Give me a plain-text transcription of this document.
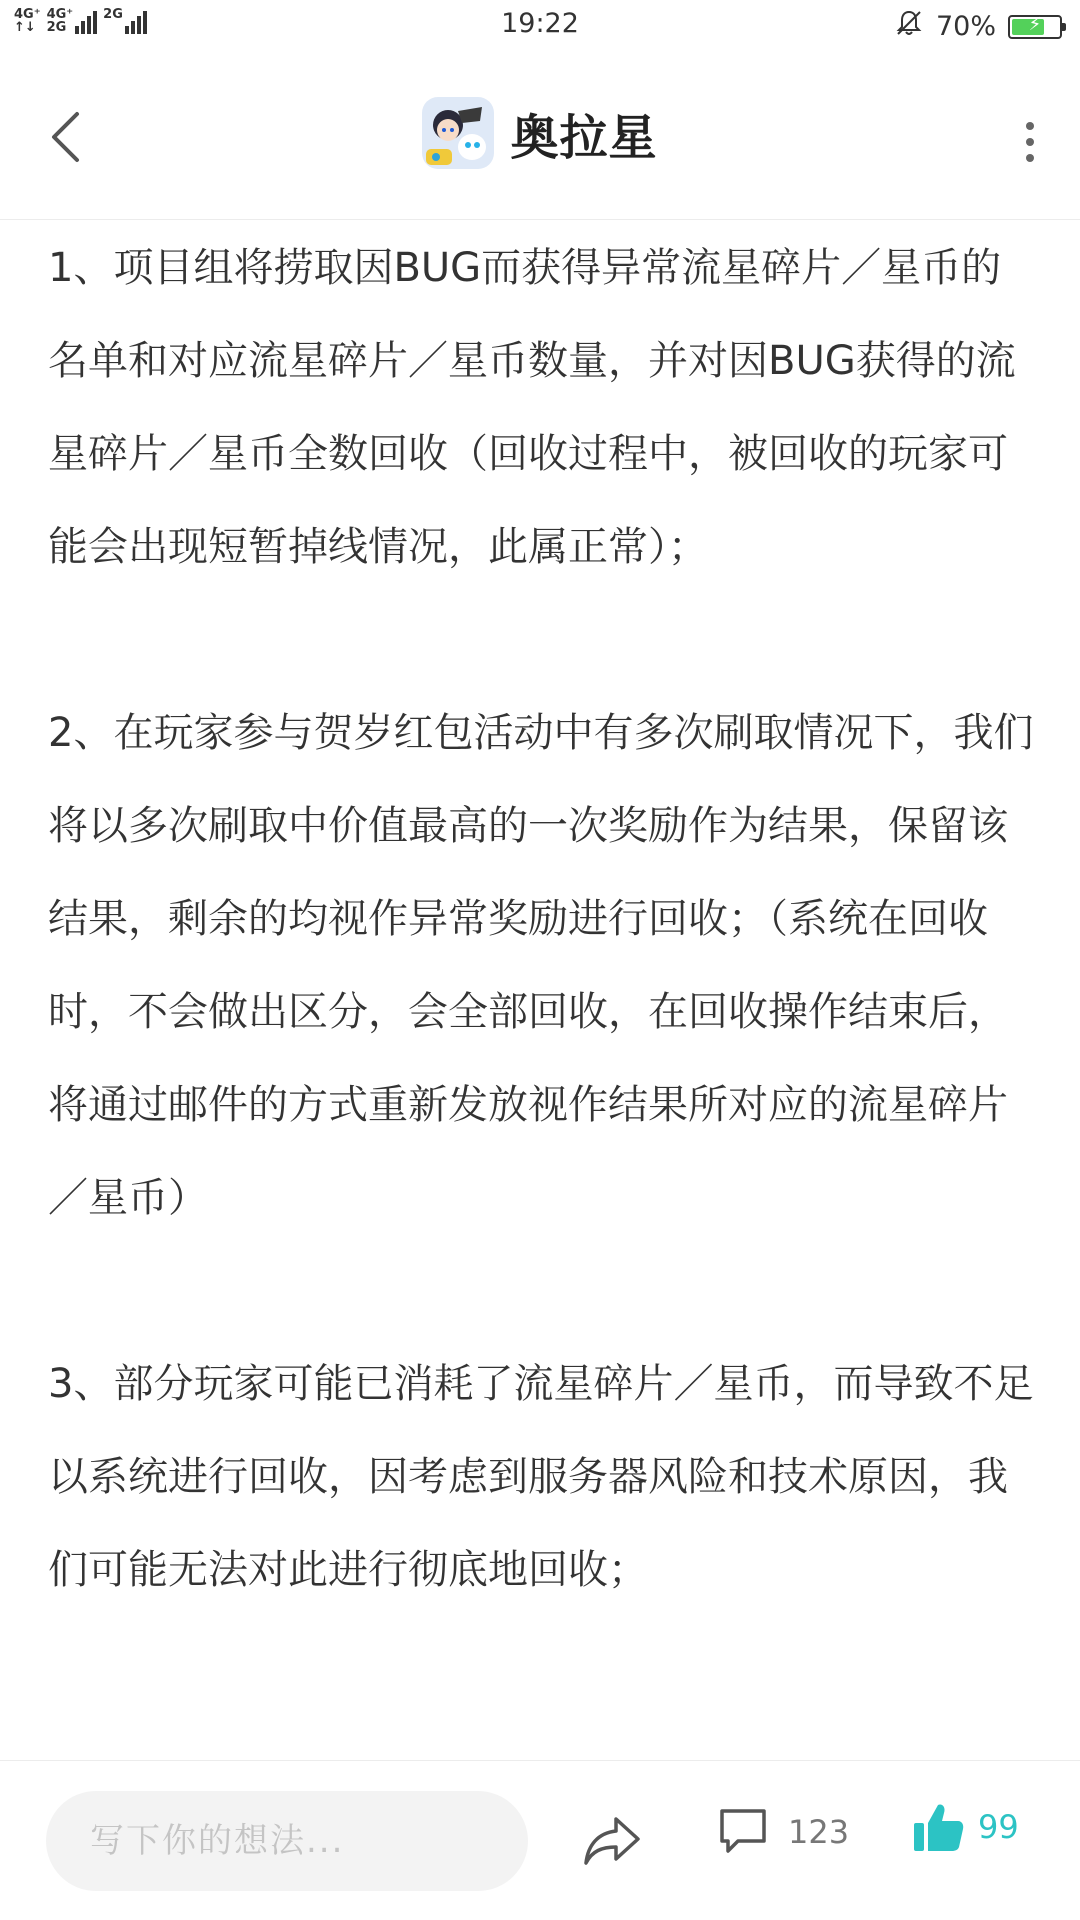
4G⁺
↑↓
4G⁺
2G
2G
	19:22	70%	⚡
奥拉星

1、项目组将捞取因BUG而获得异常流星碎片／星币的名单和对应流星碎片／星币数量，并对因BUG获得的流星碎片／星币全数回收（回收过程中，被回收的玩家可能会出现短暂掉线情况，此属正常）；

2、在玩家参与贺岁红包活动中有多次刷取情况下，我们将以多次刷取中价值最高的一次奖励作为结果，保留该结果，剩余的均视作异常奖励进行回收；（系统在回收时，不会做出区分，会全部回收，在回收操作结束后，将通过邮件的方式重新发放视作结果所对应的流星碎片／星币）

3、部分玩家可能已消耗了流星碎片／星币，而导致不足以系统进行回收，因考虑到服务器风险和技术原因，我们可能无法对此进行彻底地回收；

写下你的想法...
123	99
